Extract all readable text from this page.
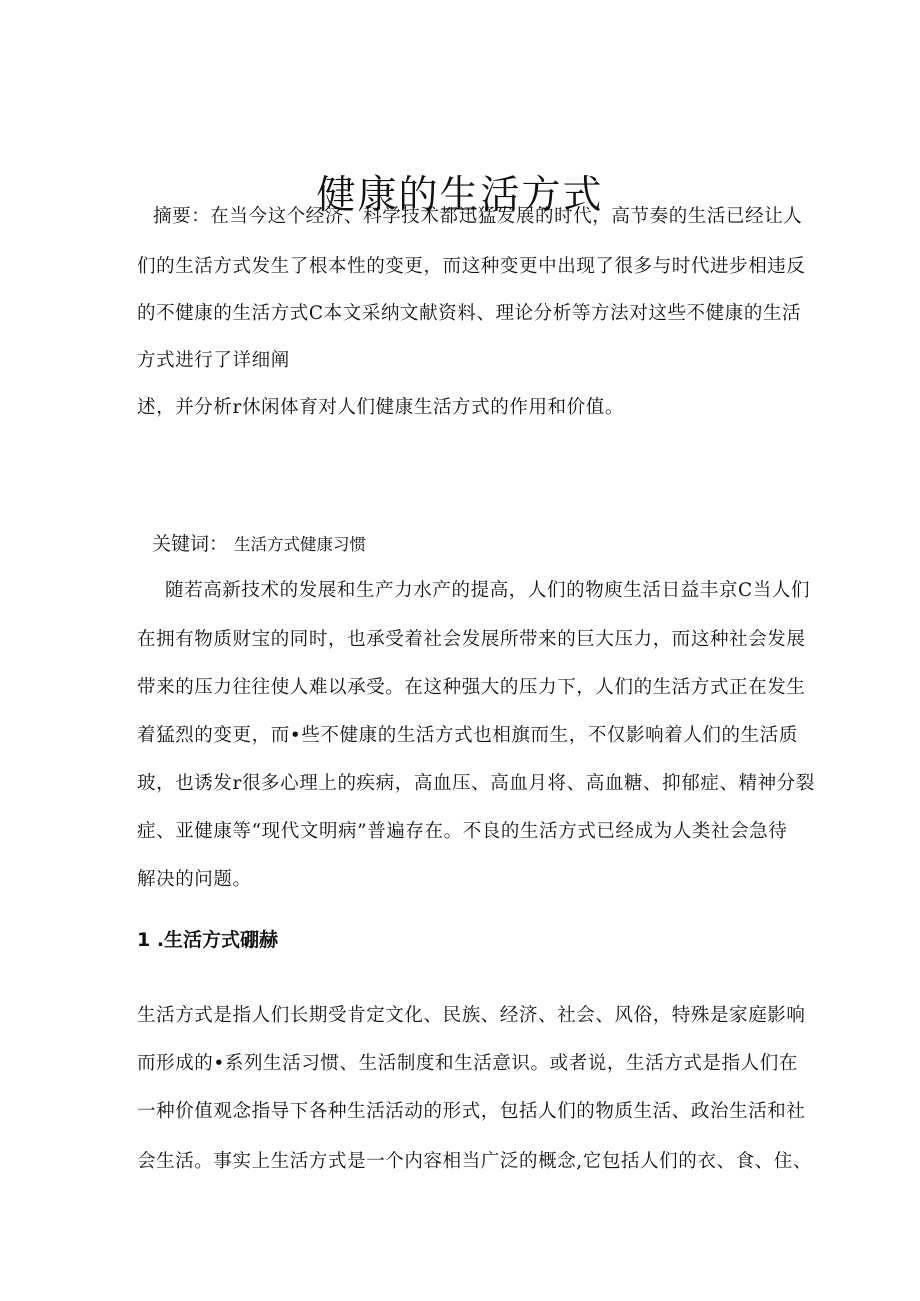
健康的生活方式
摘要：在当今这个经济、科学技术都迅猛发展的时代，高节奏的生活已经让人
们的生活方式发生了根本性的变更，而这种变更中出现了很多与时代进步相违反
的不健康的生活方式C本文采纳文献资料、理论分析等方法对这些不健康的生活
方式进行了详细阐
述，并分析r休闲体育对人们健康生活方式的作用和价值。
关键词： 生活方式健康习惯
随若高新技术的发展和生产力水产的提高，人们的物庾生活日益丰京C当人们
在拥有物质财宝的同时，也承受着社会发展所带来的巨大压力，而这种社会发展
带来的压力往往使人难以承受。在这种强大的压力下，人们的生活方式正在发生
着猛烈的变更，而•些不健康的生活方式也相旗而生，不仅影响着人们的生活质
玻，也诱发r很多心理上的疾病，高血压、高血月将、高血糖、抑郁症、精神分裂
症、亚健康等“现代文明病”普遍存在。不良的生活方式已经成为人类社会急待
解决的问题。
1 .生活方式硼赫
生活方式是指人们长期受肯定文化、民族、经济、社会、风俗，特殊是家庭影响
而形成的•系列生活习惯、生活制度和生活意识。或者说，生活方式是指人们在
一种价值观念指导下各种生活活动的形式，包括人们的物质生活、政治生活和社
会生活。事实上生活方式是一个内容相当广泛的概念,它包括人们的衣、食、住、
